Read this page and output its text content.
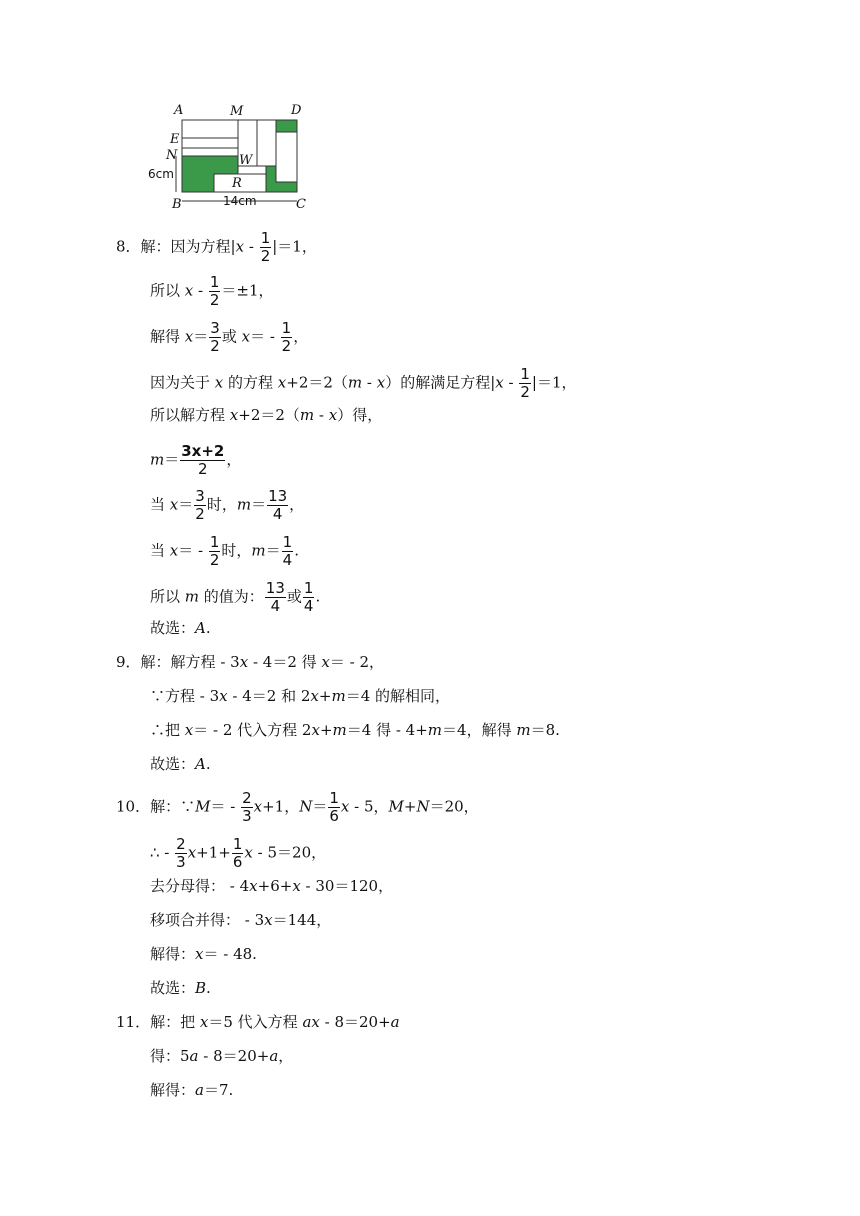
A	M	D
E
N	W
R
B	C
6cm
14cm
8．解：因为方程$|x - \frac{1}{2} |=1$，
所以 $x - \frac{1}{2} =\pm 1$，
解得 $x= \frac{3}{2}$ 或 $x= - \frac{1}{2}$ ，
因为关于 x 的方程 x+2＝2（m - x）的解满足方程$|x - \frac{1}{2} |=1$，
所以解方程 x+2＝2（m - x）得，
$m= \frac{3x+2}{2}$ ，
当 $x= \frac{3}{2}$ 时，$m= \frac{13}{4}$ ，
当 $x= - \frac{1}{2}$ 时，$m= \frac{1}{4}$ .
所以 m 的值为： $\frac{13}{4}$ 或 $\frac{1}{4}$ .
故选：A.
9．解：解方程 - 3x - 4＝2 得 x＝ - 2，
∵方程 - 3x - 4＝2 和 2x+m＝4 的解相同，
∴把 x＝ - 2 代入方程 2x+m＝4 得 - 4+m＝4，解得 m＝8.
故选：A.
10．解：∵M＝ - $\frac{2}{3} x+1$，$N= \frac{1}{6}$ x - 5，M+N＝20，
∴ - $\frac{2}{3} x+1+ \frac{1}{6}$ x - 5＝20，
去分母得： - 4x+6+x - 30＝120，
移项合并得： - 3x＝144，
解得：x＝ - 48.
故选：B.
11．解：把 x＝5 代入方程 ax - 8＝20+a
得：5a - 8＝20+a，
解得：a＝7.
